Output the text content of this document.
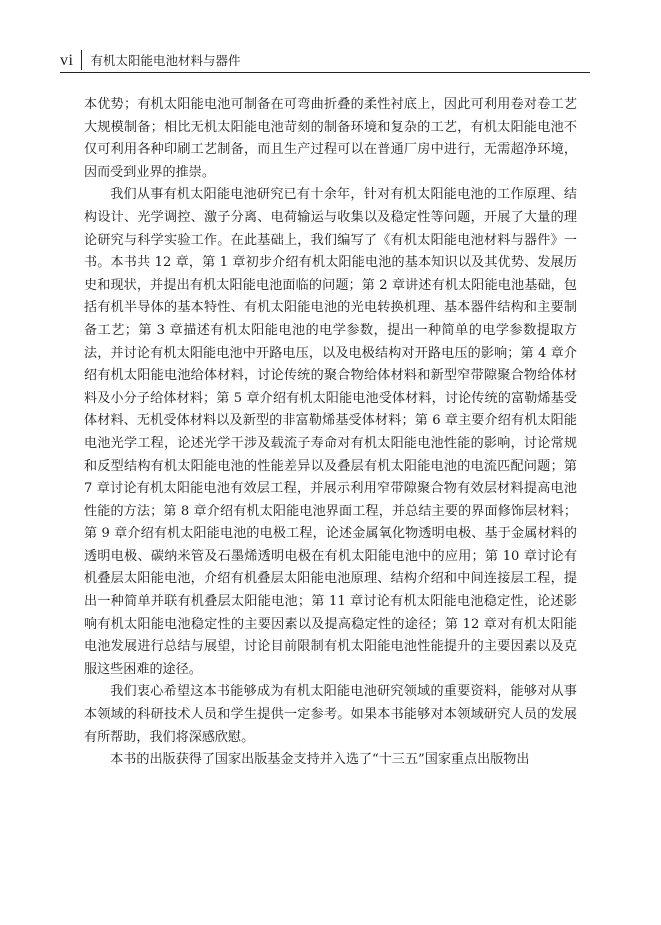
vi	有机太阳能电池材料与器件

本优势；有机太阳能电池可制备在可弯曲折叠的柔性衬底上，因此可利用卷对卷工艺大规模制备；相比无机太阳能电池苛刻的制备环境和复杂的工艺，有机太阳能电池不仅可利用各种印刷工艺制备，而且生产过程可以在普通厂房中进行，无需超净环境，因而受到业界的推崇。

我们从事有机太阳能电池研究已有十余年，针对有机太阳能电池的工作原理、结构设计、光学调控、激子分离、电荷输运与收集以及稳定性等问题，开展了大量的理论研究与科学实验工作。在此基础上，我们编写了《有机太阳能电池材料与器件》一书。本书共 12 章，第 1 章初步介绍有机太阳能电池的基本知识以及其优势、发展历史和现状，并提出有机太阳能电池面临的问题；第 2 章讲述有机太阳能电池基础，包括有机半导体的基本特性、有机太阳能电池的光电转换机理、基本器件结构和主要制备工艺；第 3 章描述有机太阳能电池的电学参数，提出一种简单的电学参数提取方法，并讨论有机太阳能电池中开路电压，以及电极结构对开路电压的影响；第 4 章介绍有机太阳能电池给体材料，讨论传统的聚合物给体材料和新型窄带隙聚合物给体材料及小分子给体材料；第 5 章介绍有机太阳能电池受体材料，讨论传统的富勒烯基受体材料、无机受体材料以及新型的非富勒烯基受体材料；第 6 章主要介绍有机太阳能电池光学工程，论述光学干涉及载流子寿命对有机太阳能电池性能的影响，讨论常规和反型结构有机太阳能电池的性能差异以及叠层有机太阳能电池的电流匹配问题；第 7 章讨论有机太阳能电池有效层工程，并展示利用窄带隙聚合物有效层材料提高电池性能的方法；第 8 章介绍有机太阳能电池界面工程，并总结主要的界面修饰层材料；第 9 章介绍有机太阳能电池的电极工程，论述金属氧化物透明电极、基于金属材料的透明电极、碳纳米管及石墨烯透明电极在有机太阳能电池中的应用；第 10 章讨论有机叠层太阳能电池，介绍有机叠层太阳能电池原理、结构介绍和中间连接层工程，提出一种简单并联有机叠层太阳能电池；第 11 章讨论有机太阳能电池稳定性，论述影响有机太阳能电池稳定性的主要因素以及提高稳定性的途径；第 12 章对有机太阳能电池发展进行总结与展望，讨论目前限制有机太阳能电池性能提升的主要因素以及克服这些困难的途径。

我们衷心希望这本书能够成为有机太阳能电池研究领域的重要资料，能够对从事本领域的科研技术人员和学生提供一定参考。如果本书能够对本领域研究人员的发展有所帮助，我们将深感欣慰。

本书的出版获得了国家出版基金支持并入选了“十三五”国家重点出版物出
